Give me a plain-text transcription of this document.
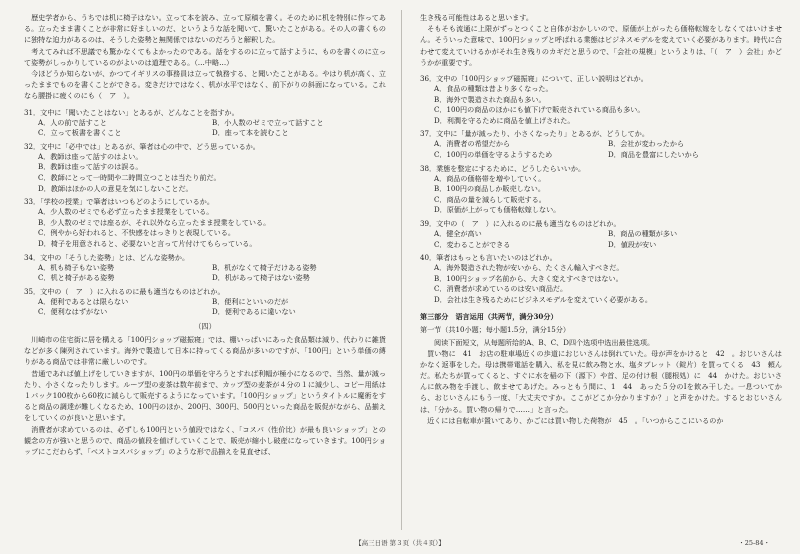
歴史学者から、うちでは机に椅子はない。立って本を読み、立って原稿を書く。そのために机を特別に作ってある。立ったまま書くことが非常に好ましいのだ、というような話を聞いて、驚いたことがある。その人の書くものに独特な迫力があるのは、そうした姿勢と無関係ではないのだろうと解釈した。

考えてみれば不思議でも驚かなくてもよかったのである。話をするのに立って話すように、ものを書くのに立って姿勢がしっかりしているのがよいのは道理である。（…中略…）

今ほどうか知らないが、かつてイギリスの事務員は立って執務する、と聞いたことがある。やはり机が高く、立ったままでものを書くことができる。変きだけではなく、机が水平ではなく、前下がりの斜面になっている。これなら腰掛に疲くのにも（　ア　）。

31．文中に「聞いたことはない」とあるが、どんなことを指すか。
A．人の前で話すこと	B．小人数のゼミで立って話すこと
C．立って板書を書くこと	D．座って本を読むこと
32．文中に「必中では」とあるが、筆者は心の中で、どう思っているか。
A．教師は座って話すのはよい。
B．教師は座って話すのは誤る。
C．教師にとって一時間や二時間立つことは当たり前だ。
D．教師はほかの人の意見を気にしないことだ。
33．「学校の授業」で筆者はいつもどのようにしているか。
A．少人数のゼミでも必ず立ったまま授業をしている。
B．少人数のゼミでは座るが、それ以外なら立ったまま授業をしている。
C．例やから好われると、不快感をはっきりと表現している。
D．椅子を用意されると、必要ないと言って片付けてもらっている。
34．文中の「そうした姿勢」とは、どんな姿勢か。
A．机も椅子もない姿勢	B．机がなくて椅子だけある姿勢
C．机と椅子がある姿勢	D．机があって椅子はない姿勢
35．文中の（　ア　）に入れるのに最も適当なものはどれか。
A．便利であるとは限らない	B．便利にといいのだが
C．便利なはずがない	D．便利であるに違いない
（四）

川崎市の住宅街に居を構える「100円ショップ磁振寝」では、棚いっぱいにあった食品類は減り、代わりに雑貨などが多く陳列されています。海外で製造して日本に持ってくる商品が多いのですが、「100円」という単価の縛りがある商品では非常に厳しいのです。

昔通であれば値上げをしていきますが、100円の単価を守ろうとすれば利幅が極小になるので、当然、量が減ったり、小さくなったりします。ルーブ型の麦茶は数年前まで、カップ型の麦茶が４分の１に減少し、コピー用紙は１パック100枚から60枚に減らして販売するようになっています。「100円ショップ」というタイトルに魔術をすると商品の調達が難しくなるため、100円のほか、200円、300円、500円といった商品を販促がながら、品揃えをしていくのが良いと思います。

消費者が求めているのは、必ずしも100円という値段ではなく、「コスパ（性价比）が最も良いショップ」との観念の方が強いと思うので、商品の値段を値げしていくことで、販売が縮小し破産になっていきます。100円ショップにこだわらず、「ベストコスパショップ」のような形で品揃えを見直せば、

生き残る可能性はあると思います。

そもそも流通に上限がずっとつくこと自体がおかしいので、原価が上がったら価格転嫁をしなくてはいけません。そういった意味で、100円ショップと呼ばれる業態はビジネスモデルを変えていく必要があります。時代に合わせて変えていけるかがそれ生き残りのカギだと思うので、「会社の規模」というよりは、「（　ア　）会社」かどうかが重要です。

36．文中の「100円ショップ磁振寝」について、正しい説明はどれか。
A．食品の種類は昔より多くなった。
B．海外で製造された商品も多い。
C．100円の商品のほかにも値下げで販売されている商品も多い。
D．利潤を守るために商品を値上げされた。
37．文中に「量が減ったり、小さくなったり」とあるが、どうしてか。
A．消費者の希望だから	B．会社が変わったから
C．100円の単価を守るようするため	D．商品を豊富にしたいから
38．業態を整定にするために、どうしたらいいか。
A．商品の価格帯を増やしていく。
B．100円の商品しか販売しない。
C．商品の量を減らして販売する。
D．原価が上がっても価格転嫁しない。
39．文中の（　ア　）に入れるのに最も適当なものはどれか。
A．健全が高い	B．商品の種類が多い
C．変わることができる	D．値段が安い
40．筆者はもっとも言いたいのはどれか。
A．海外製造された物が安いから、たくさん輸入すべきだ。
B．100円ショップ名前から、大きく変えすべきではない。
C．消費者が求めているのは安い商品だ。
D．会社は生き残るためにビジネスモデルを変えていく必要がある。
第三部分　语言运用（共两节，满分30分）
第一节（共10小题；每小题1.5分，满分15分）
阅读下面短文，从每题所给的A、B、C、D四个选项中选出最佳选项。

買い物に　41　お店の駐車場近くの歩道におじいさんは倒れていた。母が声をかけると　42　。おじいさんはかなく返事をした。母は携帯電話を購入、私を見に飲み物と水、塩タブレット（錠片）を買ってくる　43　頼んだ。私たちが買ってくると、すぐに水を稲の下（源下）や首、足の付け根（腿根処）に　44　かけた。おじいさんに飲み物を手渡し、飲ませてあげた。みっともう間に、1　44　あった５分のⅠを飲み干した。一息ついてから、おじいさんにもう一度、「大丈夫ですか。ここがどこか分かりますか？」と声をかけた。するとおじいさんは、「分かる。買い物の帰りで……」と言った。

近くには自転車が置いてあり、かごには買い物した荷物が　45　。「いつからここにいるのか

【高三日语 第３页（共４页）】	・25-84・
